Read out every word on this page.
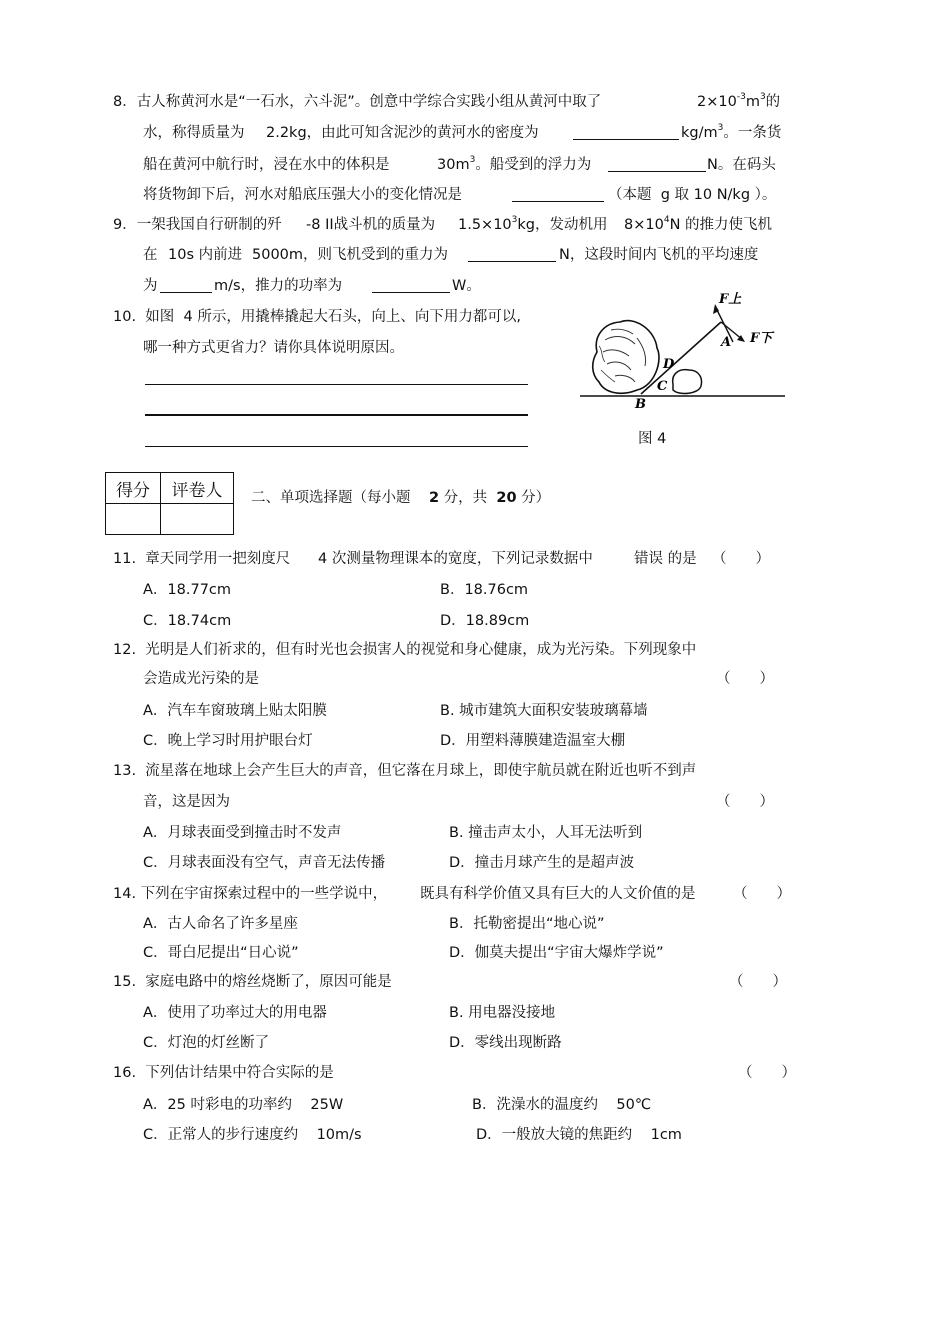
8．古人称黄河水是“一石水，六斗泥”。创意中学综合实践小组从黄河中取了	$2\times 10^{-3}m^3$的
水，称得质量为 2.2kg，由此可知含泥沙的黄河水的密度为	$kg/m^3$。一条货
船在黄河中航行时，浸在水中的体积是	$30m^3$。船受到的浮力为	N。在码头
将货物卸下后，河水对船底压强大小的变化情况是	（本题 g 取 10 N/kg ）。
9．一架我国自行研制的歼 -8 II战斗机的质量为 $1.5\times 10^3kg$，发动机用 $8\times 10^4N$ 的推力使飞机
在 10s 内前进 5000m，则飞机受到的重力为	N，这段时间内飞机的平均速度
为	m/s，推力的功率为	W。
10. 如图 4 所示，用撬棒撬起大石头，向上、向下用力都可以,
哪一种方式更省力？请你具体说明原因。
F上
F下
A
D
C
B
图 4
得分	评卷人
	二、单项选择题（每小题 2 分，共 20 分）
11. 章天同学用一把刻度尺 4 次测量物理课本的宽度，下列记录数据中	错误 的是 （　　）
A．18.77cm	B．18.76cm
C．18.74cm	D．18.89cm
12. 光明是人们祈求的，但有时光也会损害人的视觉和身心健康，成为光污染。下列现象中
会造成光污染的是	（　　）
A．汽车车窗玻璃上贴太阳膜	B. 城市建筑大面积安装玻璃幕墙
C．晚上学习时用护眼台灯	D．用塑料薄膜建造温室大棚
13. 流星落在地球上会产生巨大的声音，但它落在月球上，即使宇航员就在附近也听不到声
音，这是因为	（　　）
A．月球表面受到撞击时不发声	B. 撞击声太小，人耳无法听到
C．月球表面没有空气，声音无法传播	D．撞击月球产生的是超声波
14. 下列在宇宙探索过程中的一些学说中， 既具有科学价值又具有巨大的人文价值的是	（　　）
A．古人命名了许多星座	B．托勒密提出“地心说”
C．哥白尼提出“日心说”	D．伽莫夫提出“宇宙大爆炸学说”
15. 家庭电路中的熔丝烧断了，原因可能是	（　　）
A．使用了功率过大的用电器	B. 用电器没接地
C．灯泡的灯丝断了	D．零线出现断路
16. 下列估计结果中符合实际的是	（　　）
A．25 吋彩电的功率约 25W	B．洗澡水的温度约 50℃
C．正常人的步行速度约 10m/s	D．一般放大镜的焦距约 1cm
